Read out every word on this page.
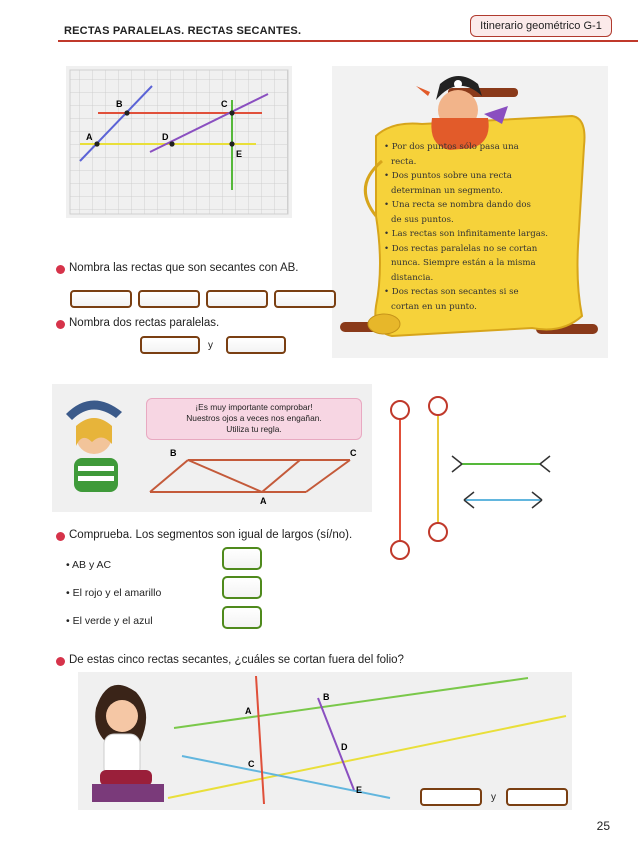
RECTAS PARALELAS. RECTAS SECANTES.	Itinerario geométrico G-1
A
B	C
D
E
• Por dos puntos sólo pasa una
recta.
• Dos puntos sobre una recta
determinan un segmento.
• Una recta se nombra dando dos
de sus puntos.
• Las rectas son infinitamente largas.
• Dos rectas paralelas no se cortan
nunca. Siempre están a la misma
distancia.
• Dos rectas son secantes si se
cortan en un punto.
Nombra las rectas que son secantes con AB.
Nombra dos rectas paralelas.
y
B	C
A
¡Es muy importante comprobar!
Nuestros ojos a veces nos engañan.
Utiliza tu regla.
Comprueba. Los segmentos son igual de largos (sí/no).
• AB y AC
• El rojo y el amarillo
• El verde y el azul
De estas cinco rectas secantes, ¿cuáles se cortan fuera del folio?
A
B
C
D
E
y
25
